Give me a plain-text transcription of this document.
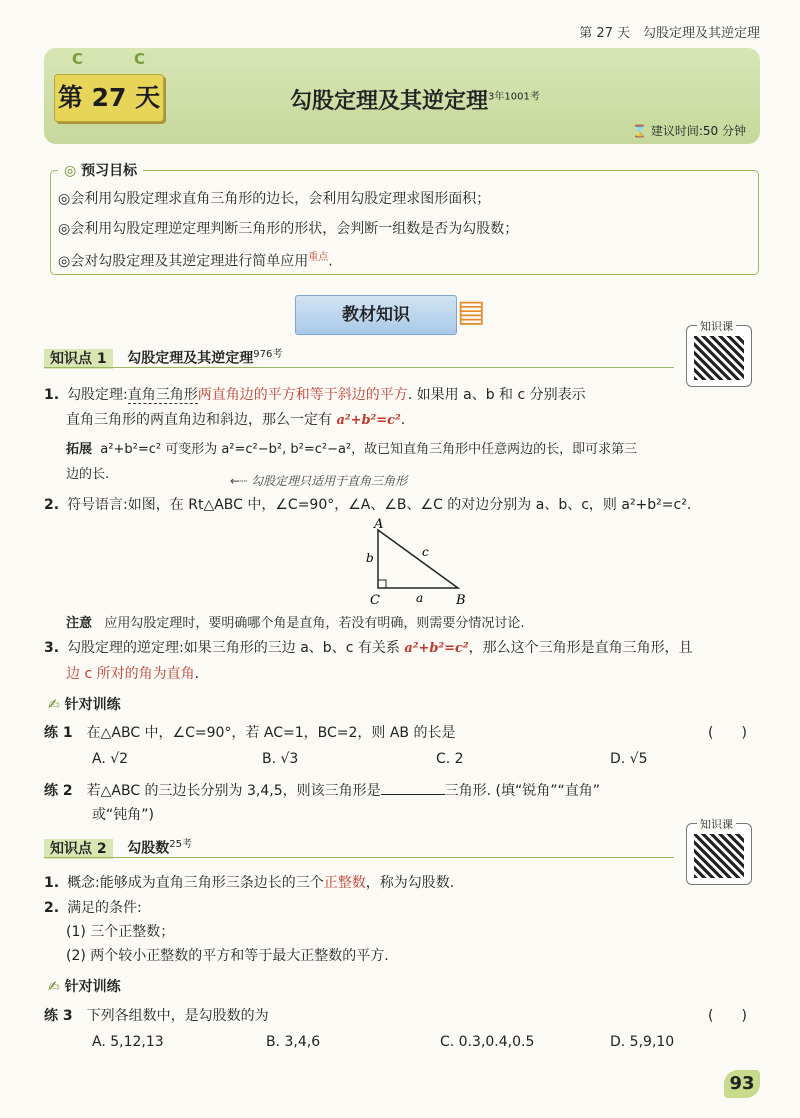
第 27 天　勾股定理及其逆定理
C	C
第 27 天	勾股定理及其逆定理$^{3年1001考}$
⌛ 建议时间:50 分钟
◎ 预习目标
◎会利用勾股定理求直角三角形的边长，会利用勾股定理求图形面积；
◎会利用勾股定理逆定理判断三角形的形状，会判断一组数是否为勾股数；
◎会对勾股定理及其逆定理进行简单应用$^{重点}$.
教材知识	▤
知识点 1 勾股定理及其逆定理$^{976考}$
知识课
1. 勾股定理:直角三角形两直角边的平方和等于斜边的平方. 如果用 a、b 和 c 分别表示
直角三角形的两直角边和斜边，那么一定有 a²+b²=c².
拓展 a²+b²=c² 可变形为 a²=c²−b², b²=c²−a²，故已知直角三角形中任意两边的长，即可求第三
边的长.	←┈ 勾股定理只适用于直角三角形
2. 符号语言:如图，在 Rt△ABC 中，∠C=90°，∠A、∠B、∠C 的对边分别为 a、b、c，则 a²+b²=c².
A
B
C	a
b	c
注意 应用勾股定理时，要明确哪个角是直角，若没有明确，则需要分情况讨论.
3. 勾股定理的逆定理:如果三角形的三边 a、b、c 有关系 a²+b²=c²，那么这个三角形是直角三角形，且
边 c 所对的角为直角.
✍ 针对训练
练 1 在△ABC 中，∠C=90°，若 AC=1，BC=2，则 AB 的长是	(　　)
A. √2	B. √3	C. 2	D. √5
练 2 若△ABC 的三边长分别为 3,4,5，则该三角形是	三角形. (填“锐角”“直角”
或“钝角”)
知识点 2 勾股数$^{25考}$
知识课
1. 概念:能够成为直角三角形三条边长的三个正整数，称为勾股数.
2. 满足的条件:
(1) 三个正整数；
(2) 两个较小正整数的平方和等于最大正整数的平方.
✍ 针对训练
练 3 下列各组数中，是勾股数的为	(　　)
A. 5,12,13	B. 3,4,6	C. 0.3,0.4,0.5	D. 5,9,10
93
